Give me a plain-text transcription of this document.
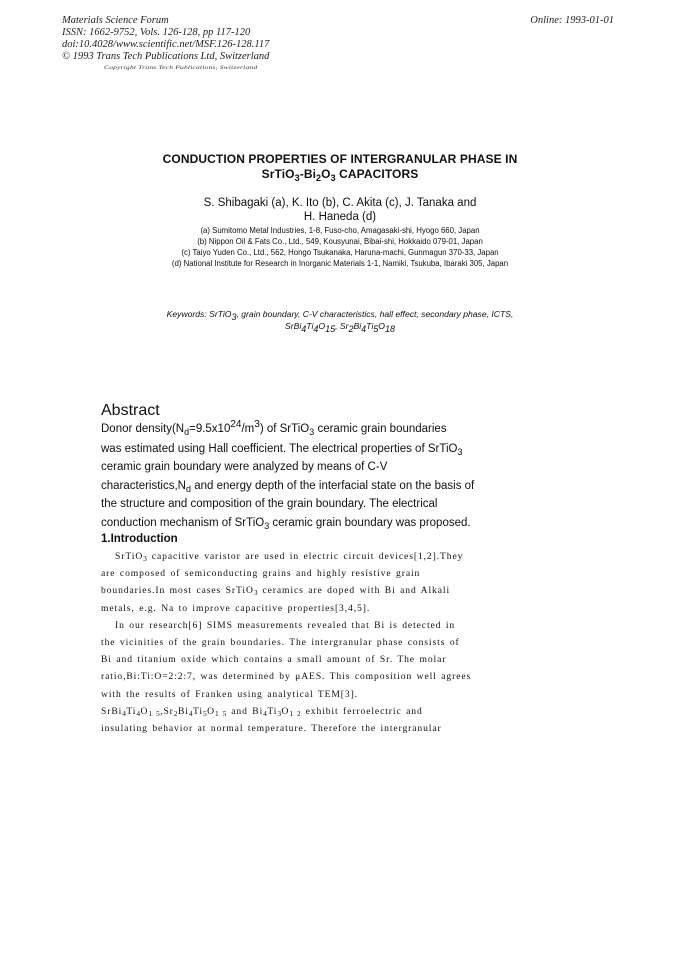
Materials Science Forum
ISSN: 1662-9752, Vols. 126-128, pp 117-120
doi:10.4028/www.scientific.net/MSF.126-128.117
© 1993 Trans Tech Publications Ltd, Switzerland
Online: 1993-01-01
Copyright Trans Tech Publications, Switzerland
CONDUCTION PROPERTIES OF INTERGRANULAR PHASE IN
$SrTiO_3-Bi_2O_3$ CAPACITORS
S. Shibagaki (a), K. Ito (b), C. Akita (c), J. Tanaka and
H. Haneda (d)
(a) Sumitomo Metal Industries, 1-8, Fuso-cho, Amagasaki-shi, Hyogo 660, Japan
(b) Nippon Oil & Fats Co., Ltd., 549, Kousyunai, Bibai-shi, Hokkaido 079-01, Japan
(c) Taiyo Yuden Co., Ltd., 562, Hongo Tsukanaka, Haruna-machi, Gunmagun 370-33, Japan
(d) National Institute for Research in Inorganic Materials 1-1, Namiki, Tsukuba, Ibaraki 305, Japan
Keywords: SrTiO3, grain boundary, C-V characteristics, hall effect, secondary phase, ICTS,
SrBi4Ti4O15, Sr2Bi4Ti5O18
Abstract
Donor $density(N_d=9.5x1024/m3)$ of SrTiO$_3$ ceramic grain boundaries
was estimated using Hall coefficient. The electrical properties of SrTiO$_3$
ceramic grain boundary were analyzed by means of C-V
$characteristics,N_d$ and energy depth of the interfacial state on the basis of
the structure and composition of the grain boundary. The electrical
conduction mechanism of SrTiO$_3$ ceramic grain boundary was proposed.
1.Introduction
SrTiO$_3$ capacitive varistor are used in electric circuit devices[1,2].They
are composed of semiconducting grains and highly resistive grain
boundaries.In most cases SrTiO$_3$ ceramics are doped with Bi and Alkali
metals, e.g. Na to improve capacitive properties[3,4,5].
In our research[6] SIMS measurements revealed that Bi is detected in
the vicinities of the grain boundaries. The intergranular phase consists of
Bi and titanium oxide which contains a small amount of Sr. The molar
ratio,Bi:Ti:O=2:2:7, was determined by μAES. This composition well agrees
with the results of Franken using analytical TEM[3].
$SrBi_4Ti_4O_{1 5},Sr_2Bi_4Ti_5O_{1 5}$ and $Bi_4Ti_3O_{1 2}$ exhibit ferroelectric and
insulating behavior at normal temperature. Therefore the intergranular
